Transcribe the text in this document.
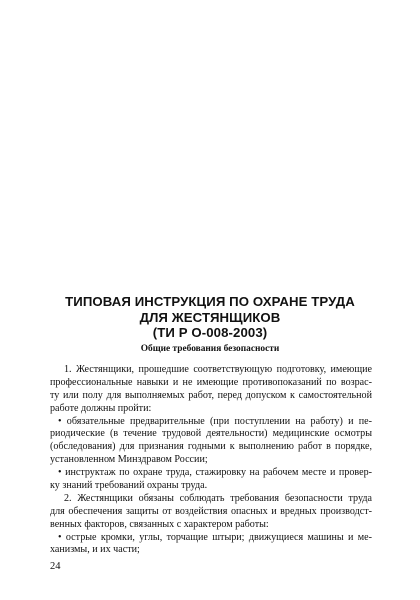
ТИПОВАЯ ИНСТРУКЦИЯ ПО ОХРАНЕ ТРУДА
ДЛЯ ЖЕСТЯНЩИКОВ
(ТИ Р О-008-2003)
Общие требования безопасности
1. Жестянщики, прошедшие соответствующую подготовку, имеющие
профессиональные навыки и не имеющие противопоказаний по возрас-
ту или полу для выполняемых работ, перед допуском к самостоятельной
работе должны пройти:
• обязательные предварительные (при поступлении на работу) и пе-
риодические (в течение трудовой деятельности) медицинские осмотры
(обследования) для признания годными к выполнению работ в порядке,
установленном Минздравом России;
• инструктаж по охране труда, стажировку на рабочем месте и провер-
ку знаний требований охраны труда.
2. Жестянщики обязаны соблюдать требования безопасности труда
для обеспечения защиты от воздействия опасных и вредных производст-
венных факторов, связанных с характером работы:
• острые кромки, углы, торчащие штыри; движущиеся машины и ме-
ханизмы, и их части;
24
